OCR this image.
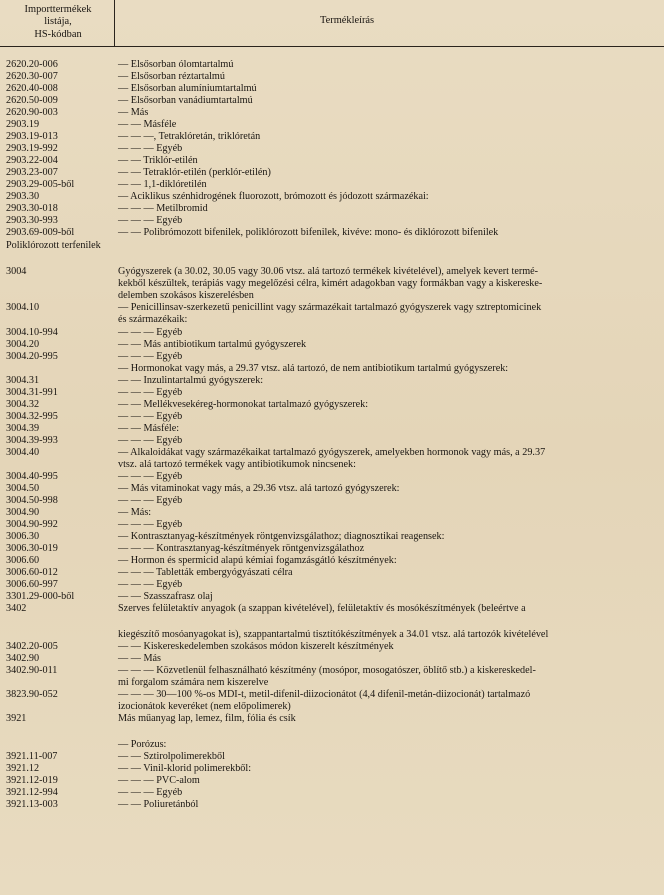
Importtermékek
listája,
HS-kódban
Termékleírás
2620.20-006	— Elsősorban ólomtartalmú
2620.30-007	— Elsősorban réztartalmú
2620.40-008	— Elsősorban alumíniumtartalmú
2620.50-009	— Elsősorban vanádiumtartalmú
2620.90-003	— Más
2903.19	— — Másféle
2903.19-013	— — —, Tetraklóretán, triklóretán
2903.19-992	— — — Egyéb
2903.22-004	— — Triklór-etilén
2903.23-007	— — Tetraklór-etilén (perklór-etilén)
2903.29-005-ből	— — 1,1-diklóretilén
2903.30	— Aciklikus szénhidrogének fluorozott, brómozott és jódozott származékai:
2903.30-018	— — — Metilbromid
2903.30-993	— — — Egyéb
2903.69-009-ből	— — Polibrómozott bifenilek, poliklórozott bifenilek, kivéve: mono- és diklórozott bifenilek
Poliklórozott terfenilek
3004	Gyógyszerek (a 30.02, 30.05 vagy 30.06 vtsz. alá tartozó termékek kivételével), amelyek kevert termé-
kekből készültek, terápiás vagy megelőzési célra, kimért adagokban vagy formákban vagy a kiskereske-
delemben szokásos kiszerelésben
3004.10	— Penicillinsav-szerkezetű penicillint vagy származékait tartalmazó gyógyszerek vagy sztreptomicinek
és származékaik:
3004.10-994	— — — Egyéb
3004.20	— — Más antibiotikum tartalmú gyógyszerek
3004.20-995	— — — Egyéb
— Hormonokat vagy más, a 29.37 vtsz. alá tartozó, de nem antibiotikum tartalmú gyógyszerek:
3004.31	— — Inzulintartalmú gyógyszerek:
3004.31-991	— — — Egyéb
3004.32	— — Mellékvesekéreg-hormonokat tartalmazó gyógyszerek:
3004.32-995	— — — Egyéb
3004.39	— — Másféle:
3004.39-993	— — — Egyéb
3004.40	— Alkaloidákat vagy származékaikat tartalmazó gyógyszerek, amelyekben hormonok vagy más, a 29.37
vtsz. alá tartozó termékek vagy antibiotikumok nincsenek:
3004.40-995	— — — Egyéb
3004.50	— Más vitaminokat vagy más, a 29.36 vtsz. alá tartozó gyógyszerek:
3004.50-998	— — — Egyéb
3004.90	— Más:
3004.90-992	— — — Egyéb
3006.30	— Kontrasztanyag-készítmények röntgenvizsgálathoz; diagnosztikai reagensek:
3006.30-019	— — — Kontrasztanyag-készítmények röntgenvizsgálathoz
3006.60	— Hormon és spermicid alapú kémiai fogamzásgátló készítmények:
3006.60-012	— — — Tabletták embergyógyászati célra
3006.60-997	— — — Egyéb
3301.29-000-ből	— — Szasszafrasz olaj
3402	Szerves felületaktív anyagok (a szappan kivételével), felületaktív és mosókészítmények (beleértve a
kiegészítő mosóanyagokat is), szappantartalmú tisztítókészítmények a 34.01 vtsz. alá tartozók kivételével
3402.20-005	— — Kiskereskedelemben szokásos módon kiszerelt készítmények
3402.90	— — Más
3402.90-011	— — — Közvetlenül felhasználható készítmény (mosópor, mosogatószer, öblítő stb.) a kiskereskedel-
mi forgalom számára nem kiszerelve
3823.90-052	— — — 30—100 %-os MDI-t, metil-difenil-diizocionátot (4,4 difenil-metán-diizocionát) tartalmazó
izocionátok keveréket (nem előpolimerek)
3921	Más műanyag lap, lemez, film, fólia és csík
— Porózus:
3921.11-007	— — Sztirolpolimerekből
3921.12	— — Vinil-klorid polimerekből:
3921.12-019	— — — PVC-alom
3921.12-994	— — — Egyéb
3921.13-003	— — Poliuretánból
